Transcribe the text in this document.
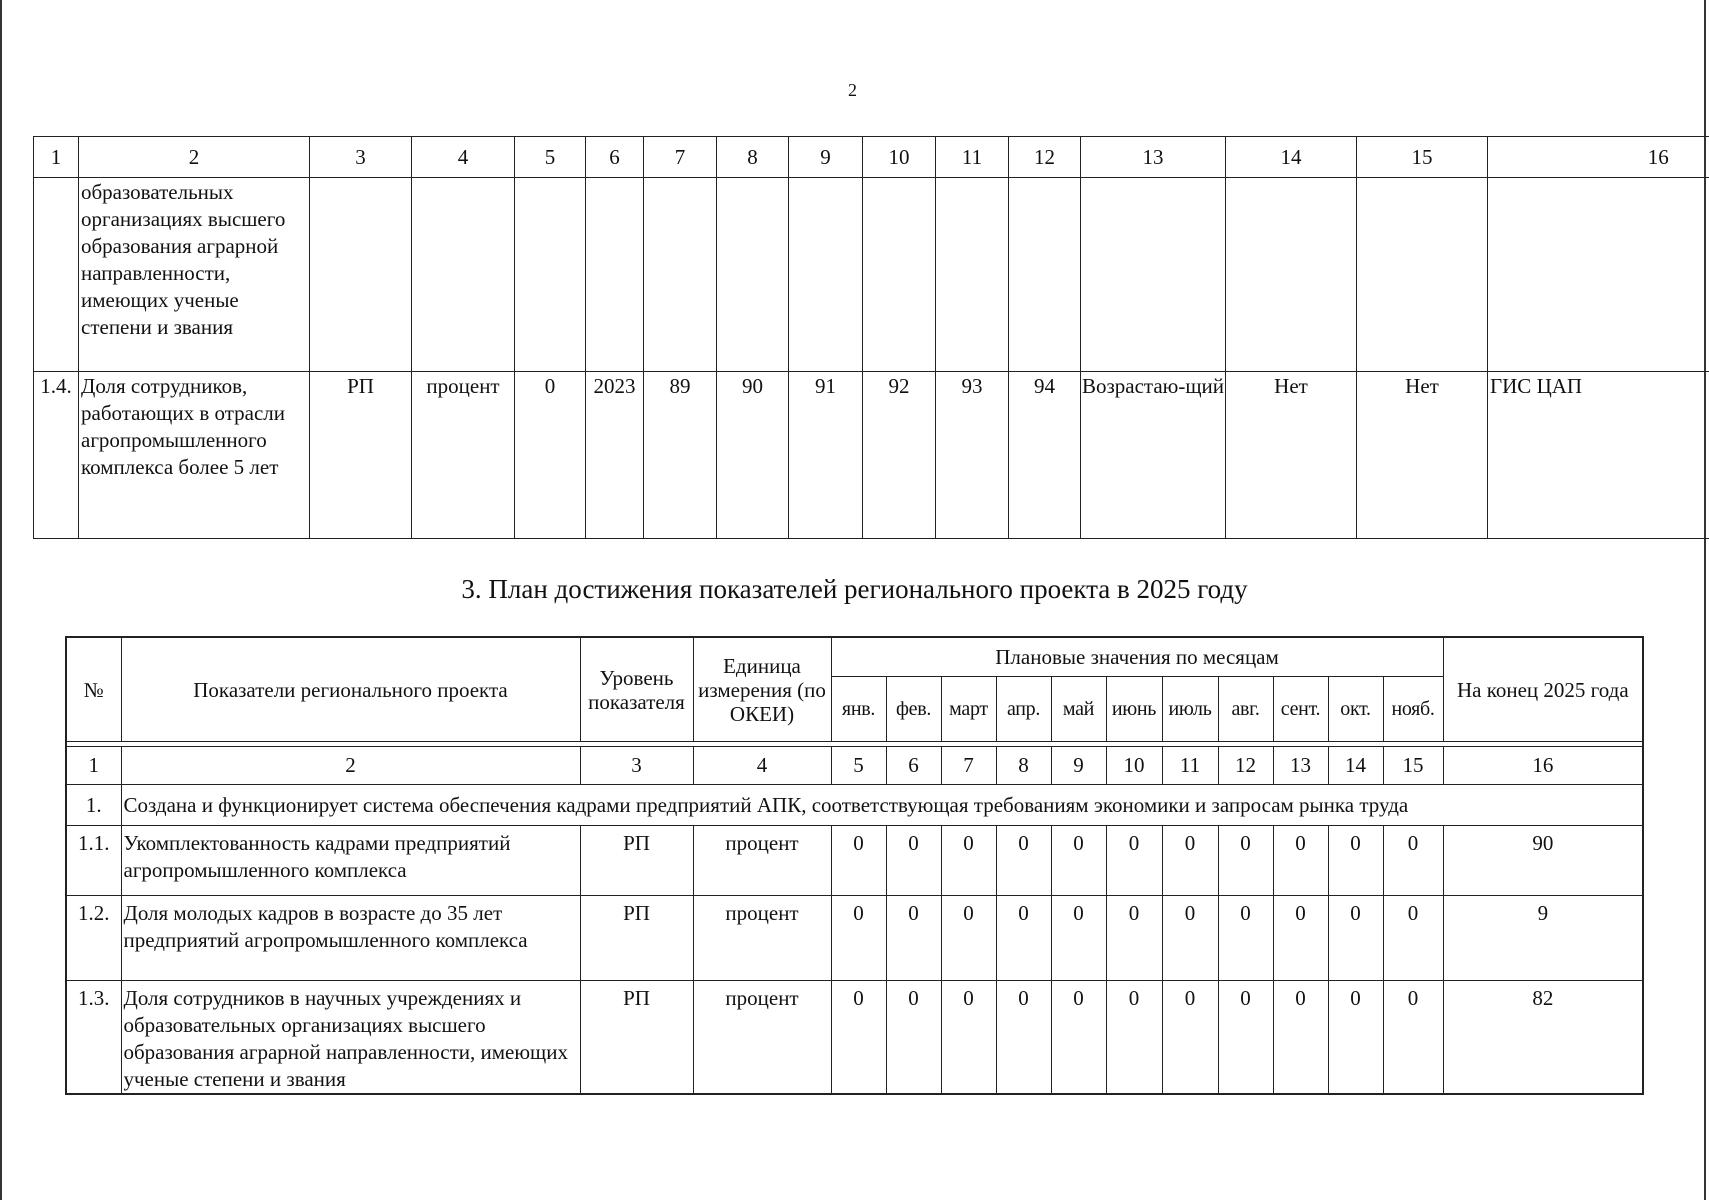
2
1	2	3	4	5	6	7	8	9	10	11	12	13	14	15	16
	образовательных организациях высшего образования аграрной направленности, имеющих ученые степени и звания														
1.4.	Доля сотрудников, работающих в отрасли агропромышленного комплекса более 5 лет	РП	процент	0	2023	89	90	91	92	93	94	Возрастаю-щий	Нет	Нет	ГИС ЦАП
3. План достижения показателей регионального проекта в 2025 году
№	Показатели регионального проекта	Уровень показателя	Единица измерения (по ОКЕИ)	Плановые значения по месяцам											На конец 2025 года
				янв.	фев.	март	апр.	май	июнь	июль	авг.	сент.	окт.	нояб.	

1	2	3	4	5	6	7	8	9	10	11	12	13	14	15	16
1.	Создана и функционирует система обеспечения кадрами предприятий АПК, соответствующая требованиям экономики и запросам рынка труда														
1.1.	Укомплектованность кадрами предприятий агропромышленного комплекса	РП	процент	0	0	0	0	0	0	0	0	0	0	0	90
1.2.	Доля молодых кадров в возрасте до 35 лет предприятий агропромышленного комплекса	РП	процент	0	0	0	0	0	0	0	0	0	0	0	9
1.3.	Доля сотрудников в научных учреждениях и образовательных организациях высшего образования аграрной направленности, имеющих ученые степени и звания	РП	процент	0	0	0	0	0	0	0	0	0	0	0	82
